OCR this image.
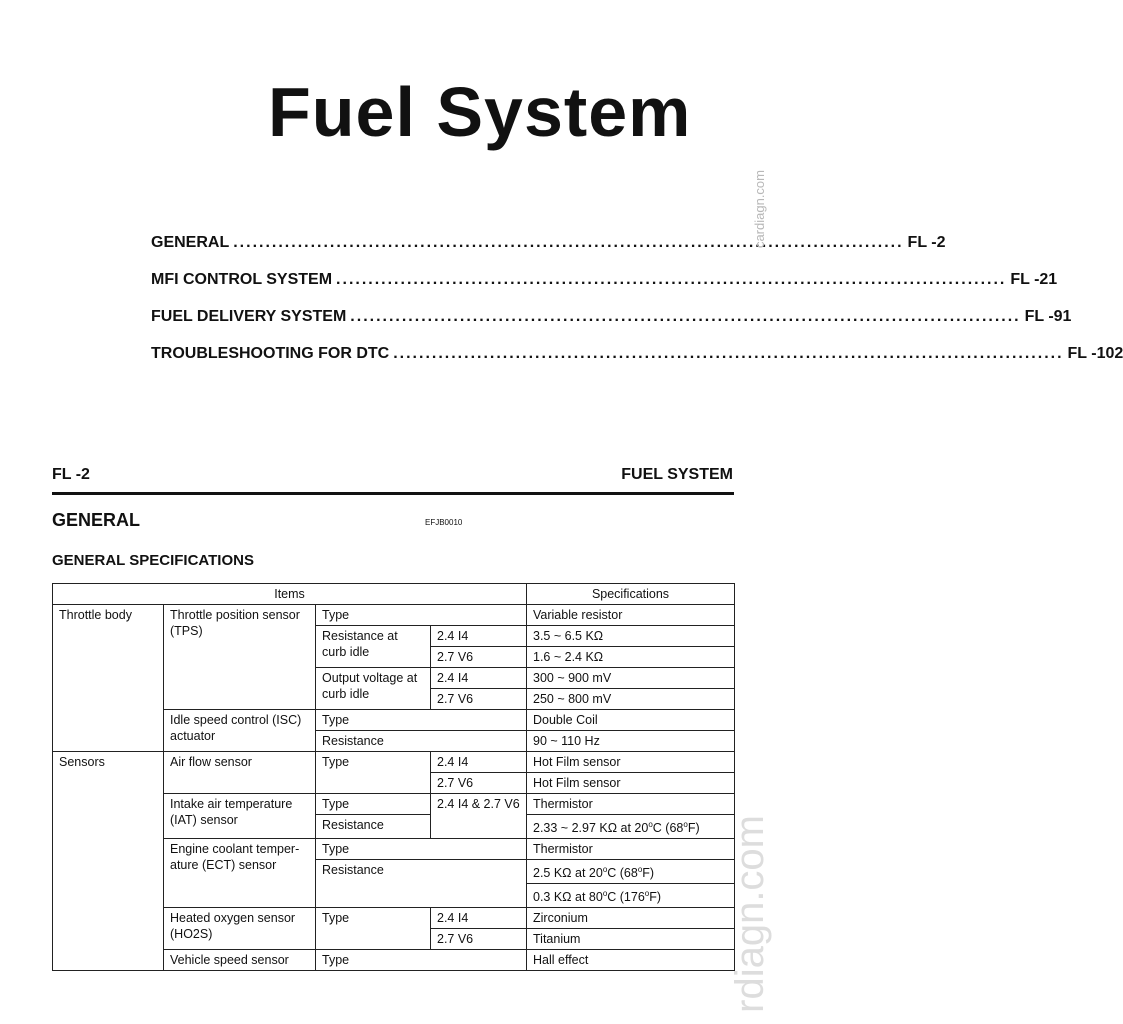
Fuel System
GENERAL ........................................................................................................ FL -2
MFI CONTROL SYSTEM ........................................................................................................ FL -21
FUEL DELIVERY SYSTEM ........................................................................................................ FL -91
TROUBLESHOOTING FOR DTC ........................................................................................................ FL -102
cardiagn.com
rdiagn.com
FL -2	FUEL SYSTEM
GENERAL	EFJB0010
GENERAL SPECIFICATIONS
Items				Specifications
Throttle body	Throttle position sensor (TPS)	Type		Variable resistor
		Resistance at curb idle	2.4 I4	3.5 ~ 6.5 KΩ
			2.7 V6	1.6 ~ 2.4 KΩ
		Output voltage at curb idle	2.4 I4	300 ~ 900 mV
			2.7 V6	250 ~ 800 mV
	Idle speed control (ISC) actuator	Type		Double Coil
		Resistance		90 ~ 110 Hz
Sensors	Air flow sensor	Type	2.4 I4	Hot Film sensor
			2.7 V6	Hot Film sensor
	Intake air temperature (IAT) sensor	Type	2.4 I4 & 2.7 V6	Thermistor
		Resistance		2.33 ~ 2.97 KΩ at 20$^o$C (68$^o$F)
	Engine coolant temper-ature (ECT) sensor	Type		Thermistor
		Resistance		2.5 KΩ at 20$^o$C (68$^o$F)
				0.3 KΩ at 80$^o$C (176$^o$F)
	Heated oxygen sensor (HO2S)	Type	2.4 I4	Zirconium
			2.7 V6	Titanium
	Vehicle speed sensor	Type		Hall effect
